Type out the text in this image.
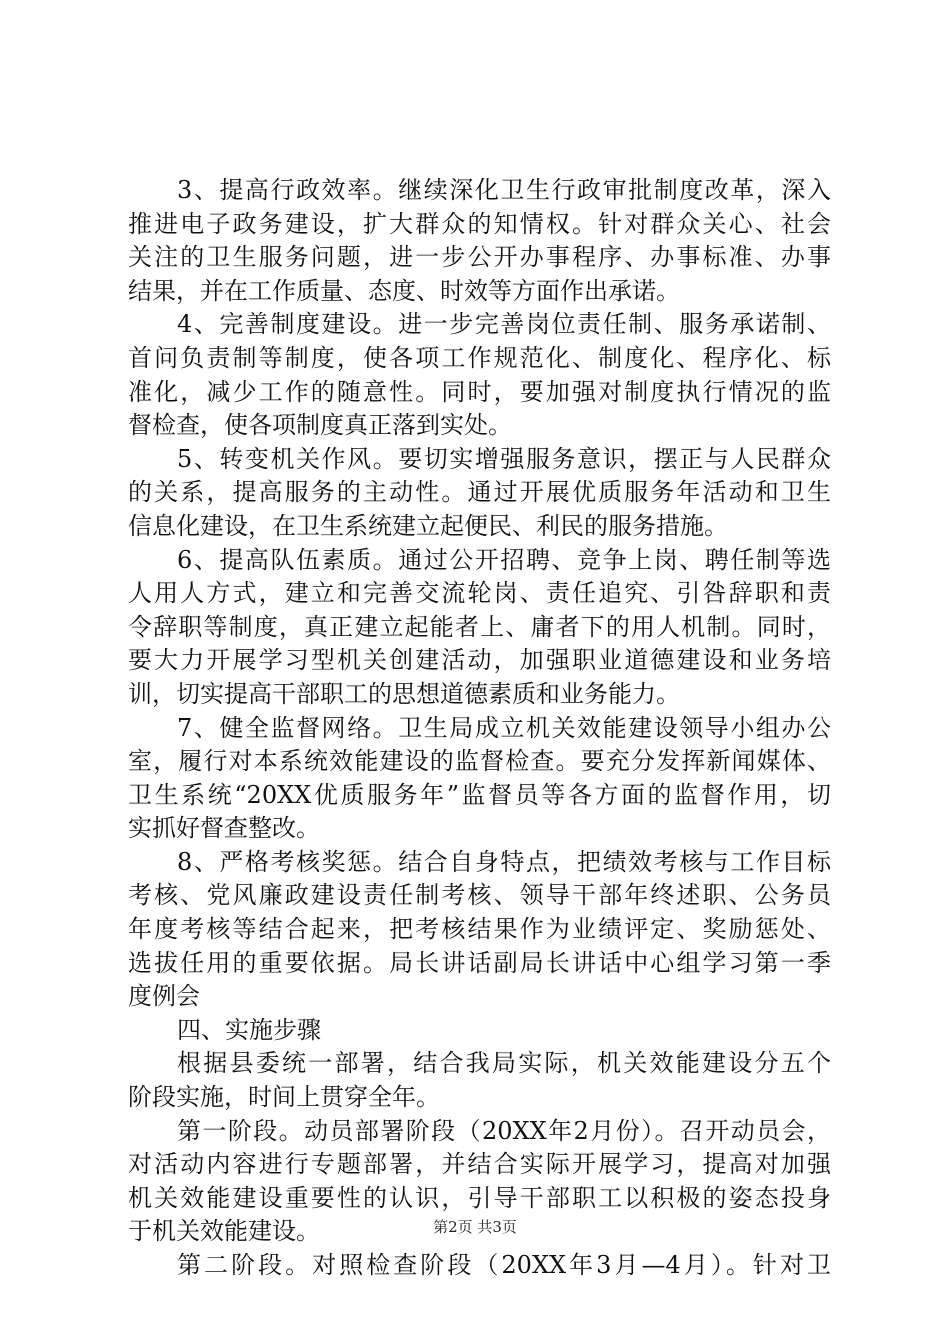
3、提高行政效率。继续深化卫生行政审批制度改革，深入
推进电子政务建设，扩大群众的知情权。针对群众关心、社会
关注的卫生服务问题，进一步公开办事程序、办事标准、办事
结果，并在工作质量、态度、时效等方面作出承诺。
4、完善制度建设。进一步完善岗位责任制、服务承诺制、
首问负责制等制度，使各项工作规范化、制度化、程序化、标
准化，减少工作的随意性。同时，要加强对制度执行情况的监
督检查，使各项制度真正落到实处。
5、转变机关作风。要切实增强服务意识，摆正与人民群众
的关系，提高服务的主动性。通过开展优质服务年活动和卫生
信息化建设，在卫生系统建立起便民、利民的服务措施。
6、提高队伍素质。通过公开招聘、竞争上岗、聘任制等选
人用人方式，建立和完善交流轮岗、责任追究、引咎辞职和责
令辞职等制度，真正建立起能者上、庸者下的用人机制。同时，
要大力开展学习型机关创建活动，加强职业道德建设和业务培
训，切实提高干部职工的思想道德素质和业务能力。
7、健全监督网络。卫生局成立机关效能建设领导小组办公
室，履行对本系统效能建设的监督检查。要充分发挥新闻媒体、
卫生系统“20XX优质服务年”监督员等各方面的监督作用，切
实抓好督查整改。
8、严格考核奖惩。结合自身特点，把绩效考核与工作目标
考核、党风廉政建设责任制考核、领导干部年终述职、公务员
年度考核等结合起来，把考核结果作为业绩评定、奖励惩处、
选拔任用的重要依据。局长讲话副局长讲话中心组学习第一季
度例会
四、实施步骤
根据县委统一部署，结合我局实际，机关效能建设分五个
阶段实施，时间上贯穿全年。
第一阶段。动员部署阶段（20XX年2月份）。召开动员会，
对活动内容进行专题部署，并结合实际开展学习，提高对加强
机关效能建设重要性的认识，引导干部职工以积极的姿态投身
于机关效能建设。
第二阶段。对照检查阶段（20XX年3月—4月）。针对卫
第2页 共3页
